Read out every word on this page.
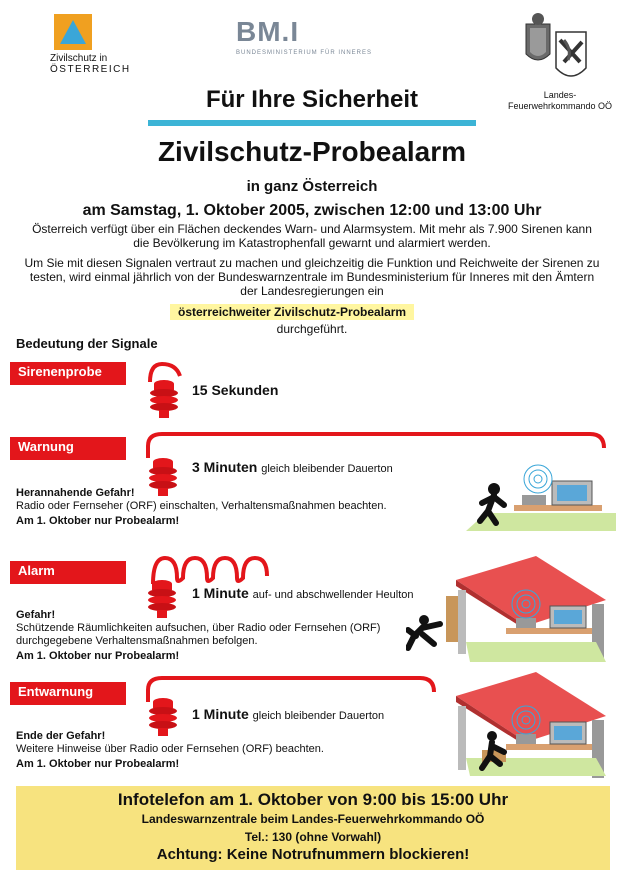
Zivilschutz in
ÖSTERREICH
BM.I
BUNDESMINISTERIUM FÜR INNERES
Landes-
Feuerwehrkommando OÖ
Für Ihre Sicherheit
Zivilschutz-Probealarm
in ganz Österreich
am Samstag, 1. Oktober 2005, zwischen 12:00 und 13:00 Uhr
Österreich verfügt über ein Flächen deckendes Warn- und Alarmsystem. Mit mehr als 7.900 Sirenen kann die Bevölkerung im Katastrophenfall gewarnt und alarmiert werden.
Um Sie mit diesen Signalen vertraut zu machen und gleichzeitig die Funktion und Reichweite der Sirenen zu testen, wird einmal jährlich von der Bundeswarnzentrale im Bundesministerium für Inneres mit den Ämtern der Landesregierungen ein
österreichweiter Zivilschutz-Probealarm
durchgeführt.
Bedeutung der Signale
Sirenenprobe
15 Sekunden
Warnung
3 Minuten gleich bleibender Dauerton
Herannahende Gefahr!
Radio oder Fernseher (ORF) einschalten, Verhaltensmaßnahmen beachten.
Am 1. Oktober nur Probealarm!
Alarm
1 Minute auf- und abschwellender Heulton
Gefahr!
Schützende Räumlichkeiten aufsuchen, über Radio oder Fernsehen (ORF) durchgegebene Verhaltensmaßnahmen befolgen.
Am 1. Oktober nur Probealarm!
Entwarnung
1 Minute gleich bleibender Dauerton
Ende der Gefahr!
Weitere Hinweise über Radio oder Fernsehen (ORF) beachten.
Am 1. Oktober nur Probealarm!
Infotelefon am 1. Oktober von 9:00 bis 15:00 Uhr
Landeswarnzentrale beim Landes-Feuerwehrkommando OÖ
Tel.: 130 (ohne Vorwahl)
Achtung: Keine Notrufnummern blockieren!
